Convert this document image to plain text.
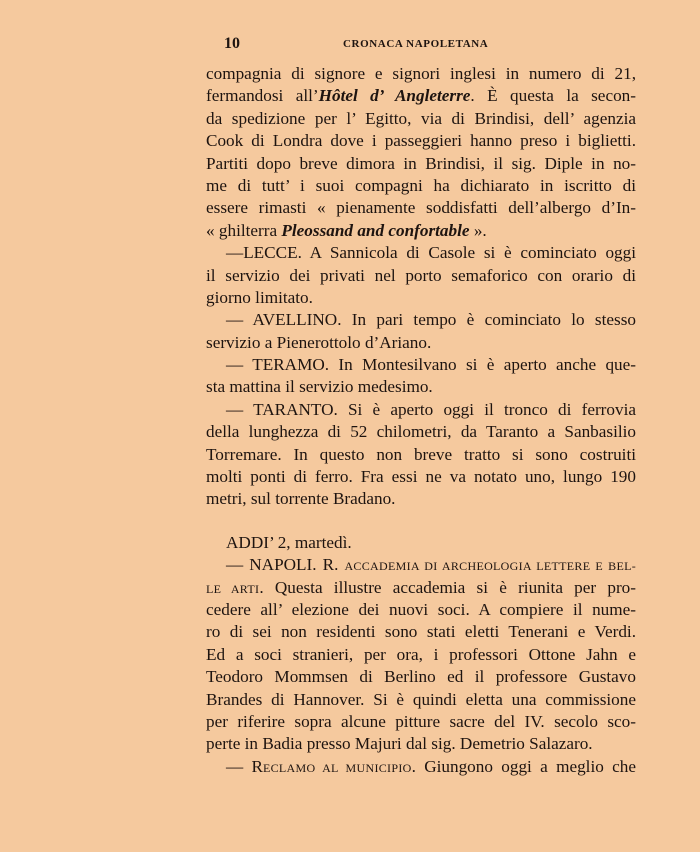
10	CRONACA NAPOLETANA
compagnia di signore e signori inglesi in numero di 21,
fermandosi all’Hôtel d’ Angleterre. È questa la secon-
da spedizione per l’ Egitto, via di Brindisi, dell’ agenzia
Cook di Londra dove i passeggieri hanno preso i biglietti.
Partiti dopo breve dimora in Brindisi, il sig. Diple in no-
me di tutt’ i suoi compagni ha dichiarato in iscritto di
essere rimasti « pienamente soddisfatti dell’albergo d’In-
« ghilterra Pleossand and confortable ».
—LECCE. A Sannicola di Casole si è cominciato oggi
il servizio dei privati nel porto semaforico con orario di
giorno limitato.
— AVELLINO. In pari tempo è cominciato lo stesso
servizio a Pienerottolo d’Ariano.
— TERAMO. In Montesilvano si è aperto anche que-
sta mattina il servizio medesimo.
— TARANTO. Si è aperto oggi il tronco di ferrovia
della lunghezza di 52 chilometri, da Taranto a Sanbasilio
Torremare. In questo non breve tratto si sono costruiti
molti ponti di ferro. Fra essi ne va notato uno, lungo 190
metri, sul torrente Bradano.
ADDI’ 2, martedì.
— NAPOLI. R. ACCADEMIA DI ARCHEOLOGIA LETTERE E BEL-
LE ARTI. Questa illustre accademia si è riunita per pro-
cedere all’ elezione dei nuovi soci. A compiere il nume-
ro di sei non residenti sono stati eletti Tenerani e Verdi.
Ed a soci stranieri, per ora, i professori Ottone Jahn e
Teodoro Mommsen di Berlino ed il professore Gustavo
Brandes di Hannover. Si è quindi eletta una commissione
per riferire sopra alcune pitture sacre del IV. secolo sco-
perte in Badia presso Majuri dal sig. Demetrio Salazaro.
— RECLAMO AL MUNICIPIO. Giungono oggi a meglio che
